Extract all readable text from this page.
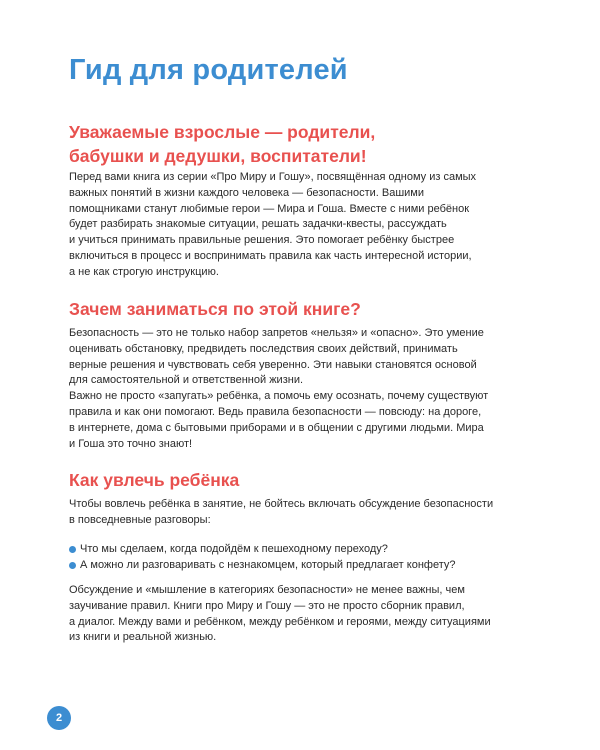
Гид для родителей
Уважаемые взрослые — родители,
бабушки и дедушки, воспитатели!
Перед вами книга из серии «Про Миру и Гошу», посвящённая одному из самых
важных понятий в жизни каждого человека — безопасности. Вашими
помощниками станут любимые герои — Мира и Гоша. Вместе с ними ребёнок
будет разбирать знакомые ситуации, решать задачки-квесты, рассуждать
и учиться принимать правильные решения. Это помогает ребёнку быстрее
включиться в процесс и воспринимать правила как часть интересной истории,
а не как строгую инструкцию.
Зачем заниматься по этой книге?
Безопасность — это не только набор запретов «нельзя» и «опасно». Это умение
оценивать обстановку, предвидеть последствия своих действий, принимать
верные решения и чувствовать себя уверенно. Эти навыки становятся основой
для самостоятельной и ответственной жизни.
Важно не просто «запугать» ребёнка, а помочь ему осознать, почему существуют
правила и как они помогают. Ведь правила безопасности — повсюду: на дороге,
в интернете, дома с бытовыми приборами и в общении с другими людьми. Мира
и Гоша это точно знают!
Как увлечь ребёнка
Чтобы вовлечь ребёнка в занятие, не бойтесь включать обсуждение безопасности
в повседневные разговоры:
Что мы сделаем, когда подойдём к пешеходному переходу?
А можно ли разговаривать с незнакомцем, который предлагает конфету?
Обсуждение и «мышление в категориях безопасности» не менее важны, чем
заучивание правил. Книги про Миру и Гошу — это не просто сборник правил,
а диалог. Между вами и ребёнком, между ребёнком и героями, между ситуациями
из книги и реальной жизнью.
2
